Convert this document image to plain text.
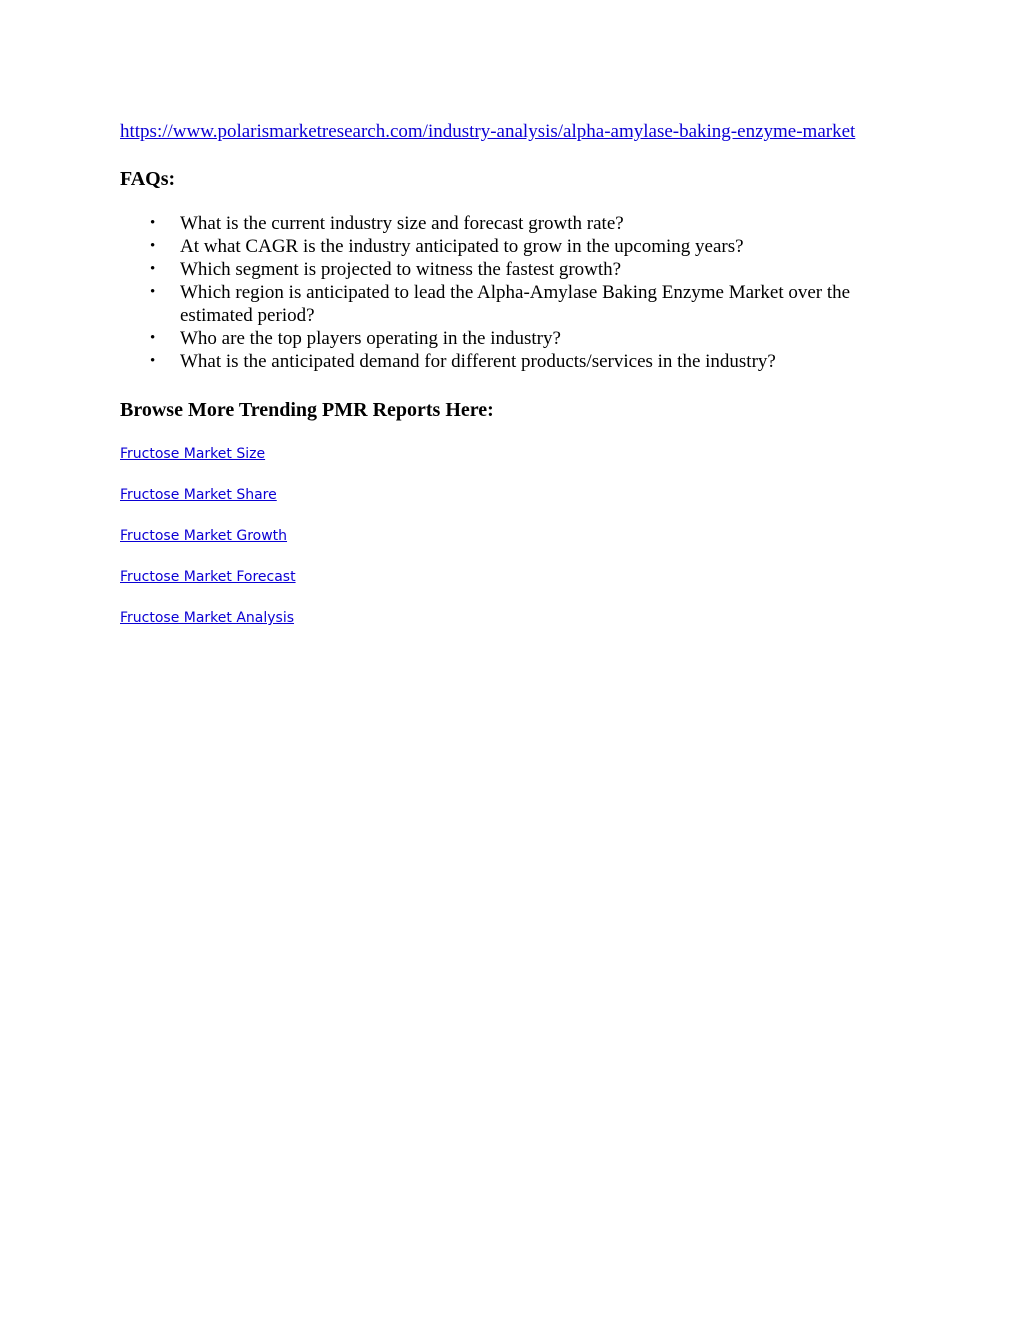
https://www.polarismarketresearch.com/industry-analysis/alpha-amylase-baking-enzyme-market
FAQs:
• What is the current industry size and forecast growth rate?
• At what CAGR is the industry anticipated to grow in the upcoming years?
• Which segment is projected to witness the fastest growth?
• Which region is anticipated to lead the Alpha-Amylase Baking Enzyme Market over the estimated period?
• Who are the top players operating in the industry?
• What is the anticipated demand for different products/services in the industry?
Browse More Trending PMR Reports Here:
Fructose Market Size
Fructose Market Share
Fructose Market Growth
Fructose Market Forecast
Fructose Market Analysis
